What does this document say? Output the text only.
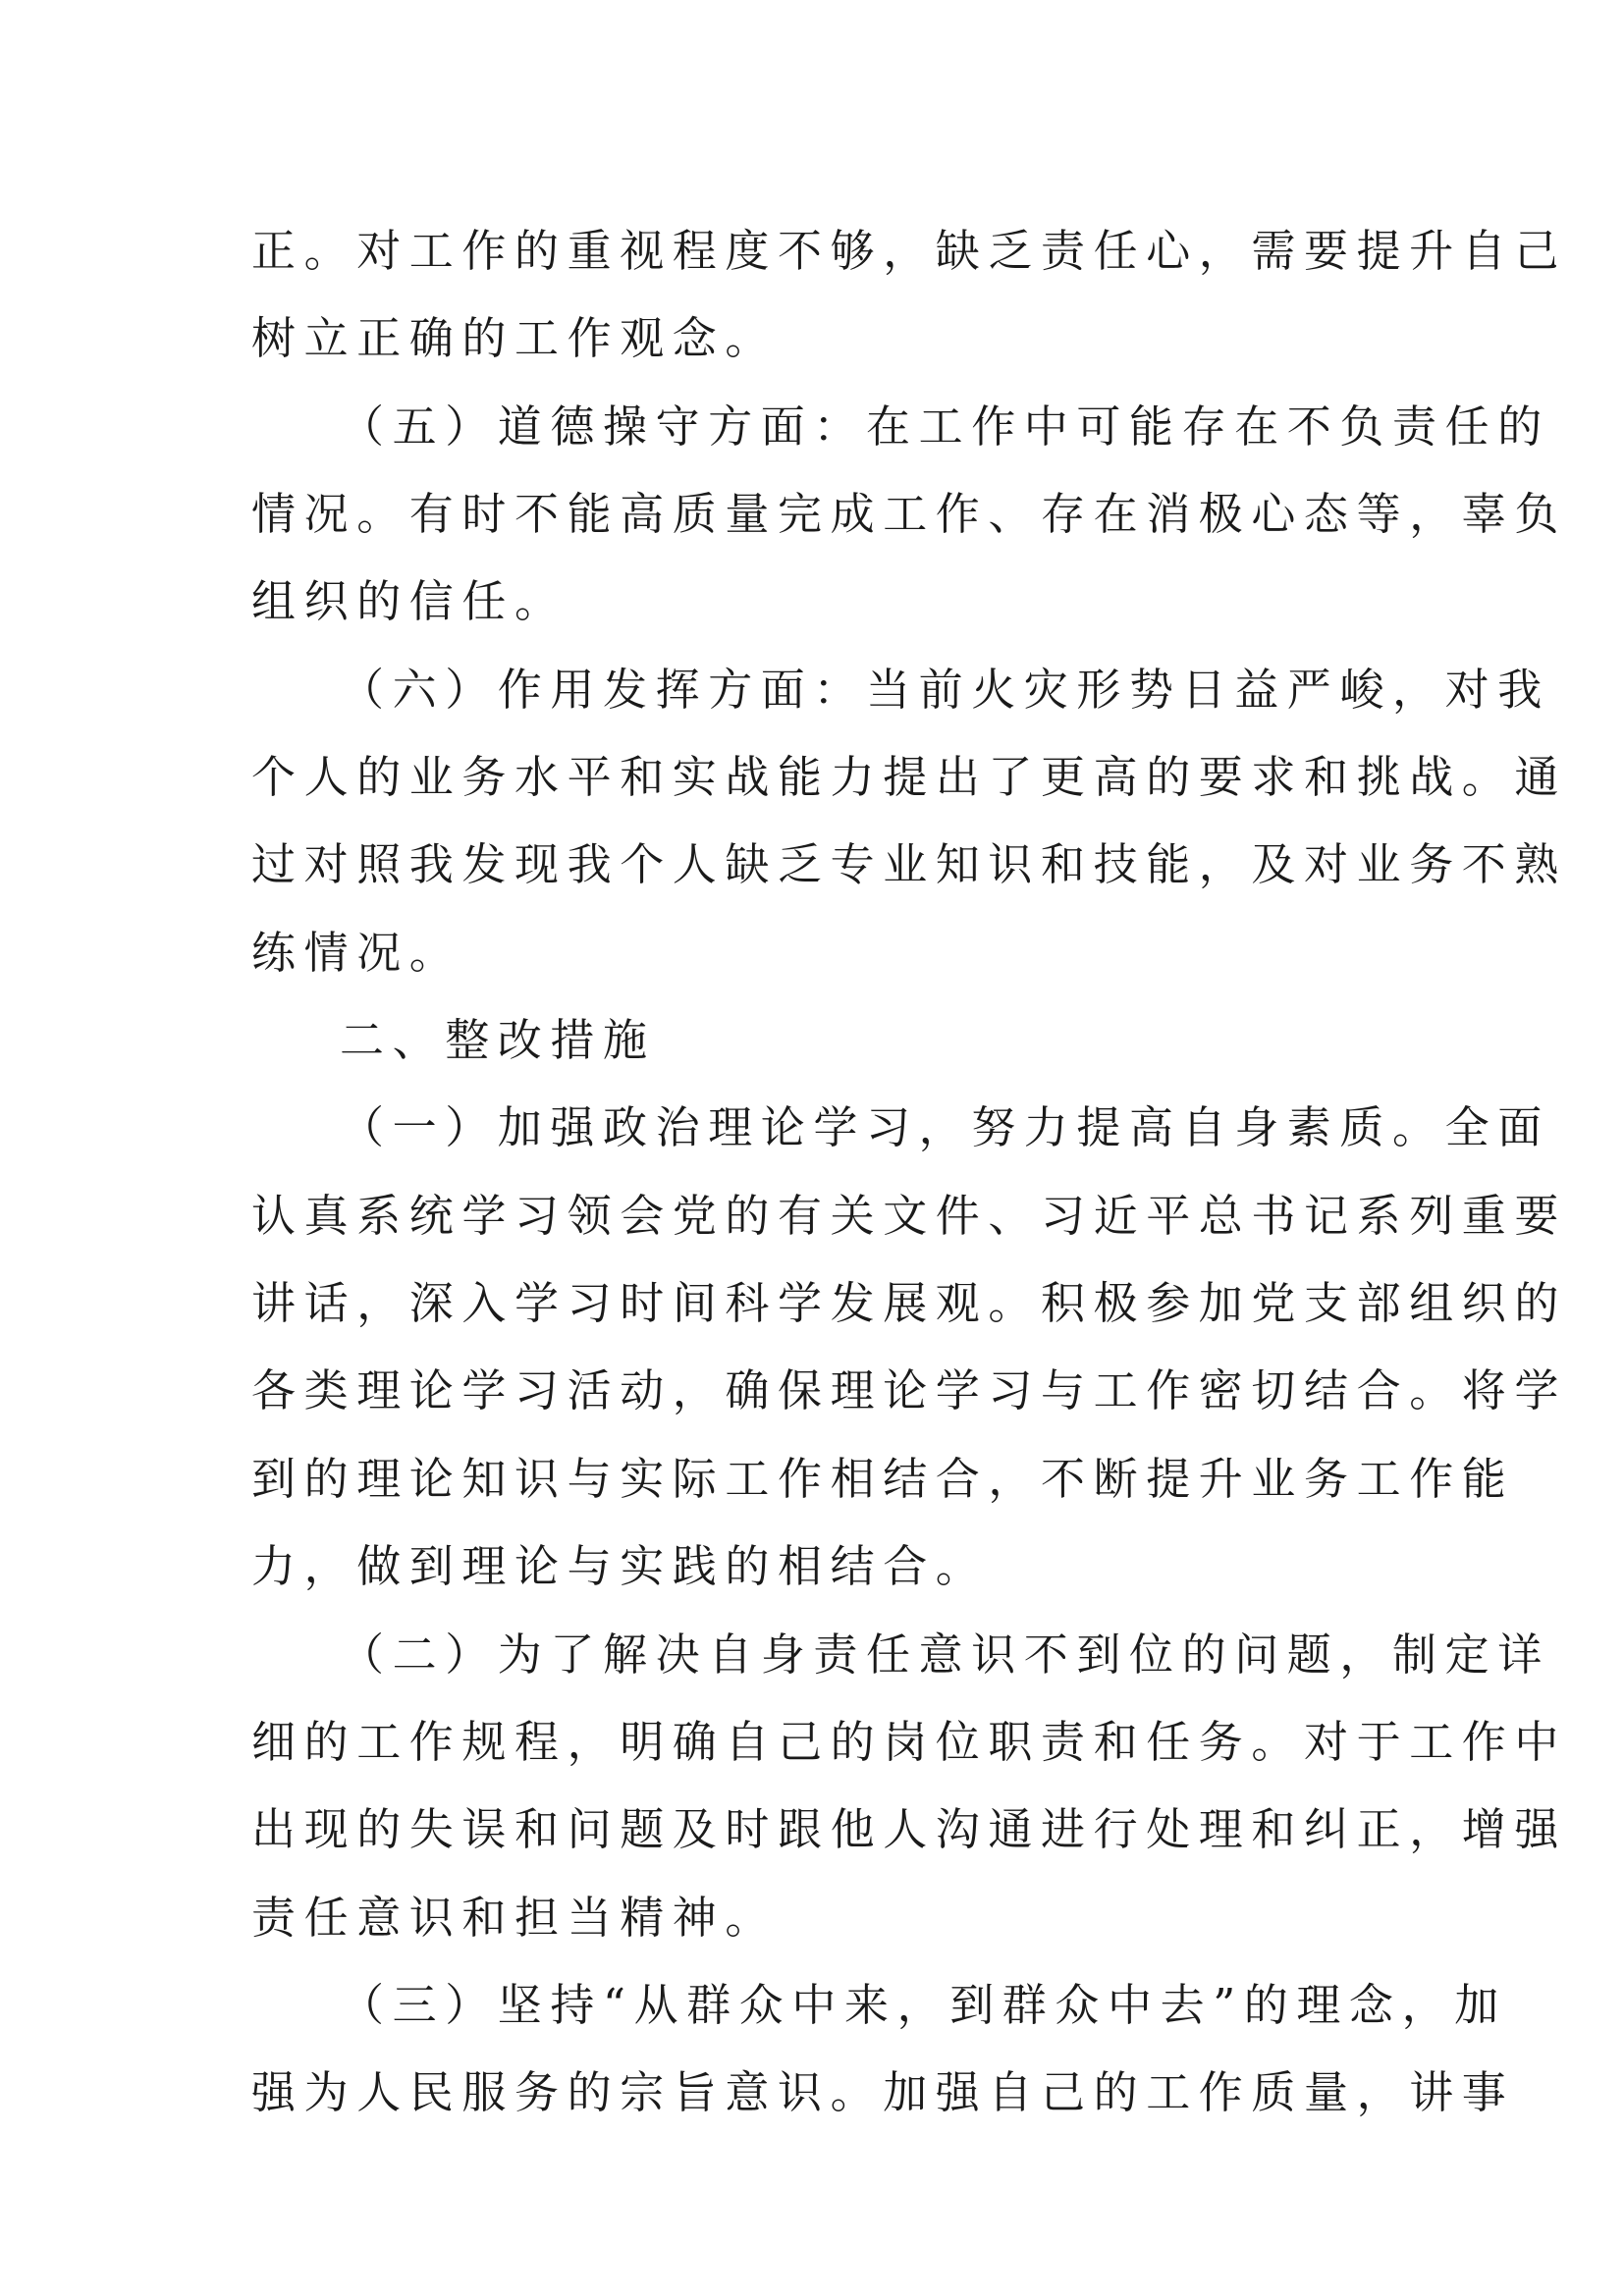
正。对工作的重视程度不够，缺乏责任心，需要提升自己
树立正确的工作观念。
（五）道德操守方面：在工作中可能存在不负责任的
情况。有时不能高质量完成工作、存在消极心态等，辜负
组织的信任。
（六）作用发挥方面：当前火灾形势日益严峻，对我
个人的业务水平和实战能力提出了更高的要求和挑战。通
过对照我发现我个人缺乏专业知识和技能，及对业务不熟
练情况。
二、整改措施
（一）加强政治理论学习，努力提高自身素质。全面
认真系统学习领会党的有关文件、习近平总书记系列重要
讲话，深入学习时间科学发展观。积极参加党支部组织的
各类理论学习活动，确保理论学习与工作密切结合。将学
到的理论知识与实际工作相结合，不断提升业务工作能
力，做到理论与实践的相结合。
（二）为了解决自身责任意识不到位的问题，制定详
细的工作规程，明确自己的岗位职责和任务。对于工作中
出现的失误和问题及时跟他人沟通进行处理和纠正，增强
责任意识和担当精神。
（三）坚持“从群众中来，到群众中去”的理念，加
强为人民服务的宗旨意识。加强自己的工作质量，讲事
